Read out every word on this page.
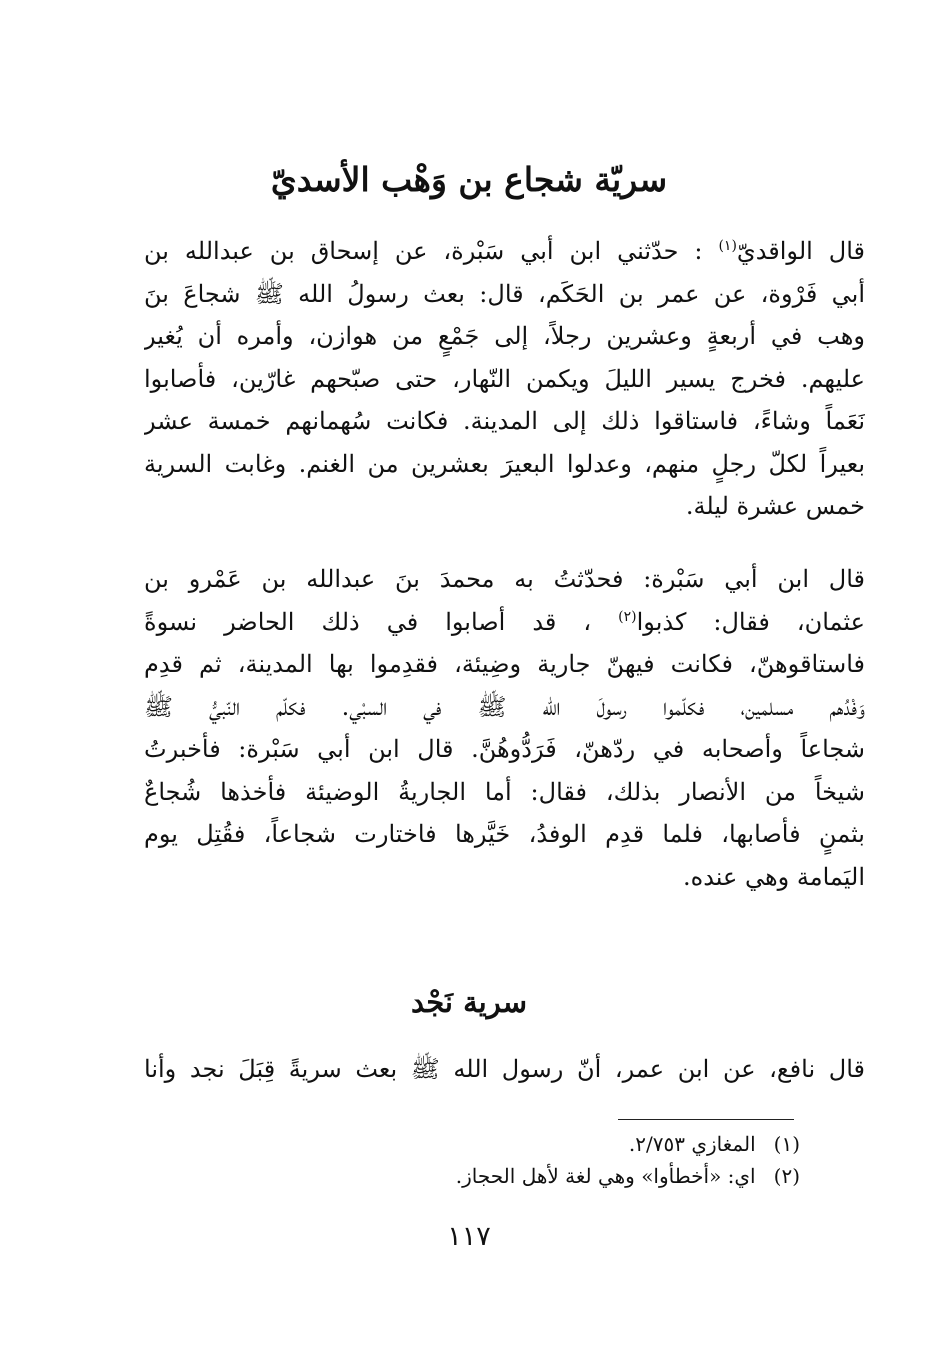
سريّة شجاع بن وَهْب الأسديّ
قال الواقديّ$^{(١)}$ : حدّثني ابن أبي سَبْرة، عن إسحاق بن عبدالله بن
أبي فَرْوة، عن عمر بن الحَكَم، قال: بعث رسولُ الله ﷺ شجاعَ بنَ
وهب في أربعةٍ وعشرين رجلاً، إلى جَمْعٍ من هوازن، وأمره أن يُغير
عليهم. فخرج يسير الليلَ ويكمن النّهار، حتى صبّحهم غارّين، فأصابوا
نَعَماً وشاءً، فاستاقوا ذلك إلى المدينة. فكانت سُهمانهم خمسة عشر
بعيراً لكلّ رجلٍ منهم، وعدلوا البعيرَ بعشرين من الغنم. وغابت السرية
خمس عشرة ليلة.
قال ابن أبي سَبْرة: فحدّثتُ به محمدَ بنَ عبدالله بن عَمْرو بن
عثمان، فقال: كذبوا$^{(٢)}$ ، قد أصابوا في ذلك الحاضر نسوةً
فاستاقوهنّ، فكانت فيهنّ جارية وضِيئة، فقدِموا بها المدينة، ثم قدِم
وَفْدُهم مسلمين، فكلّموا رسولَ الله ﷺ في السبْي. فكلّم النّبيُّ ﷺ
شجاعاً وأصحابه في ردّهنّ، فَرَدُّوهُنَّ. قال ابن أبي سَبْرة: فأخبرتُ
شيخاً من الأنصار بذلك، فقال: أما الجاريةُ الوضيئة فأخذها شُجاعٌ
بثمنٍ فأصابها، فلما قدِم الوفدُ، خَيَّرها فاختارت شجاعاً، فقُتِل يوم
اليَمامة وهي عنده.
سرية نَجْد
قال نافع، عن ابن عمر، أنّ رسول الله ﷺ بعث سريةً قِبَلَ نجد وأنا
(١)المغازي ٢/٧٥٣.
(٢)اي: «أخطأوا» وهي لغة لأهل الحجاز.
١١٧
